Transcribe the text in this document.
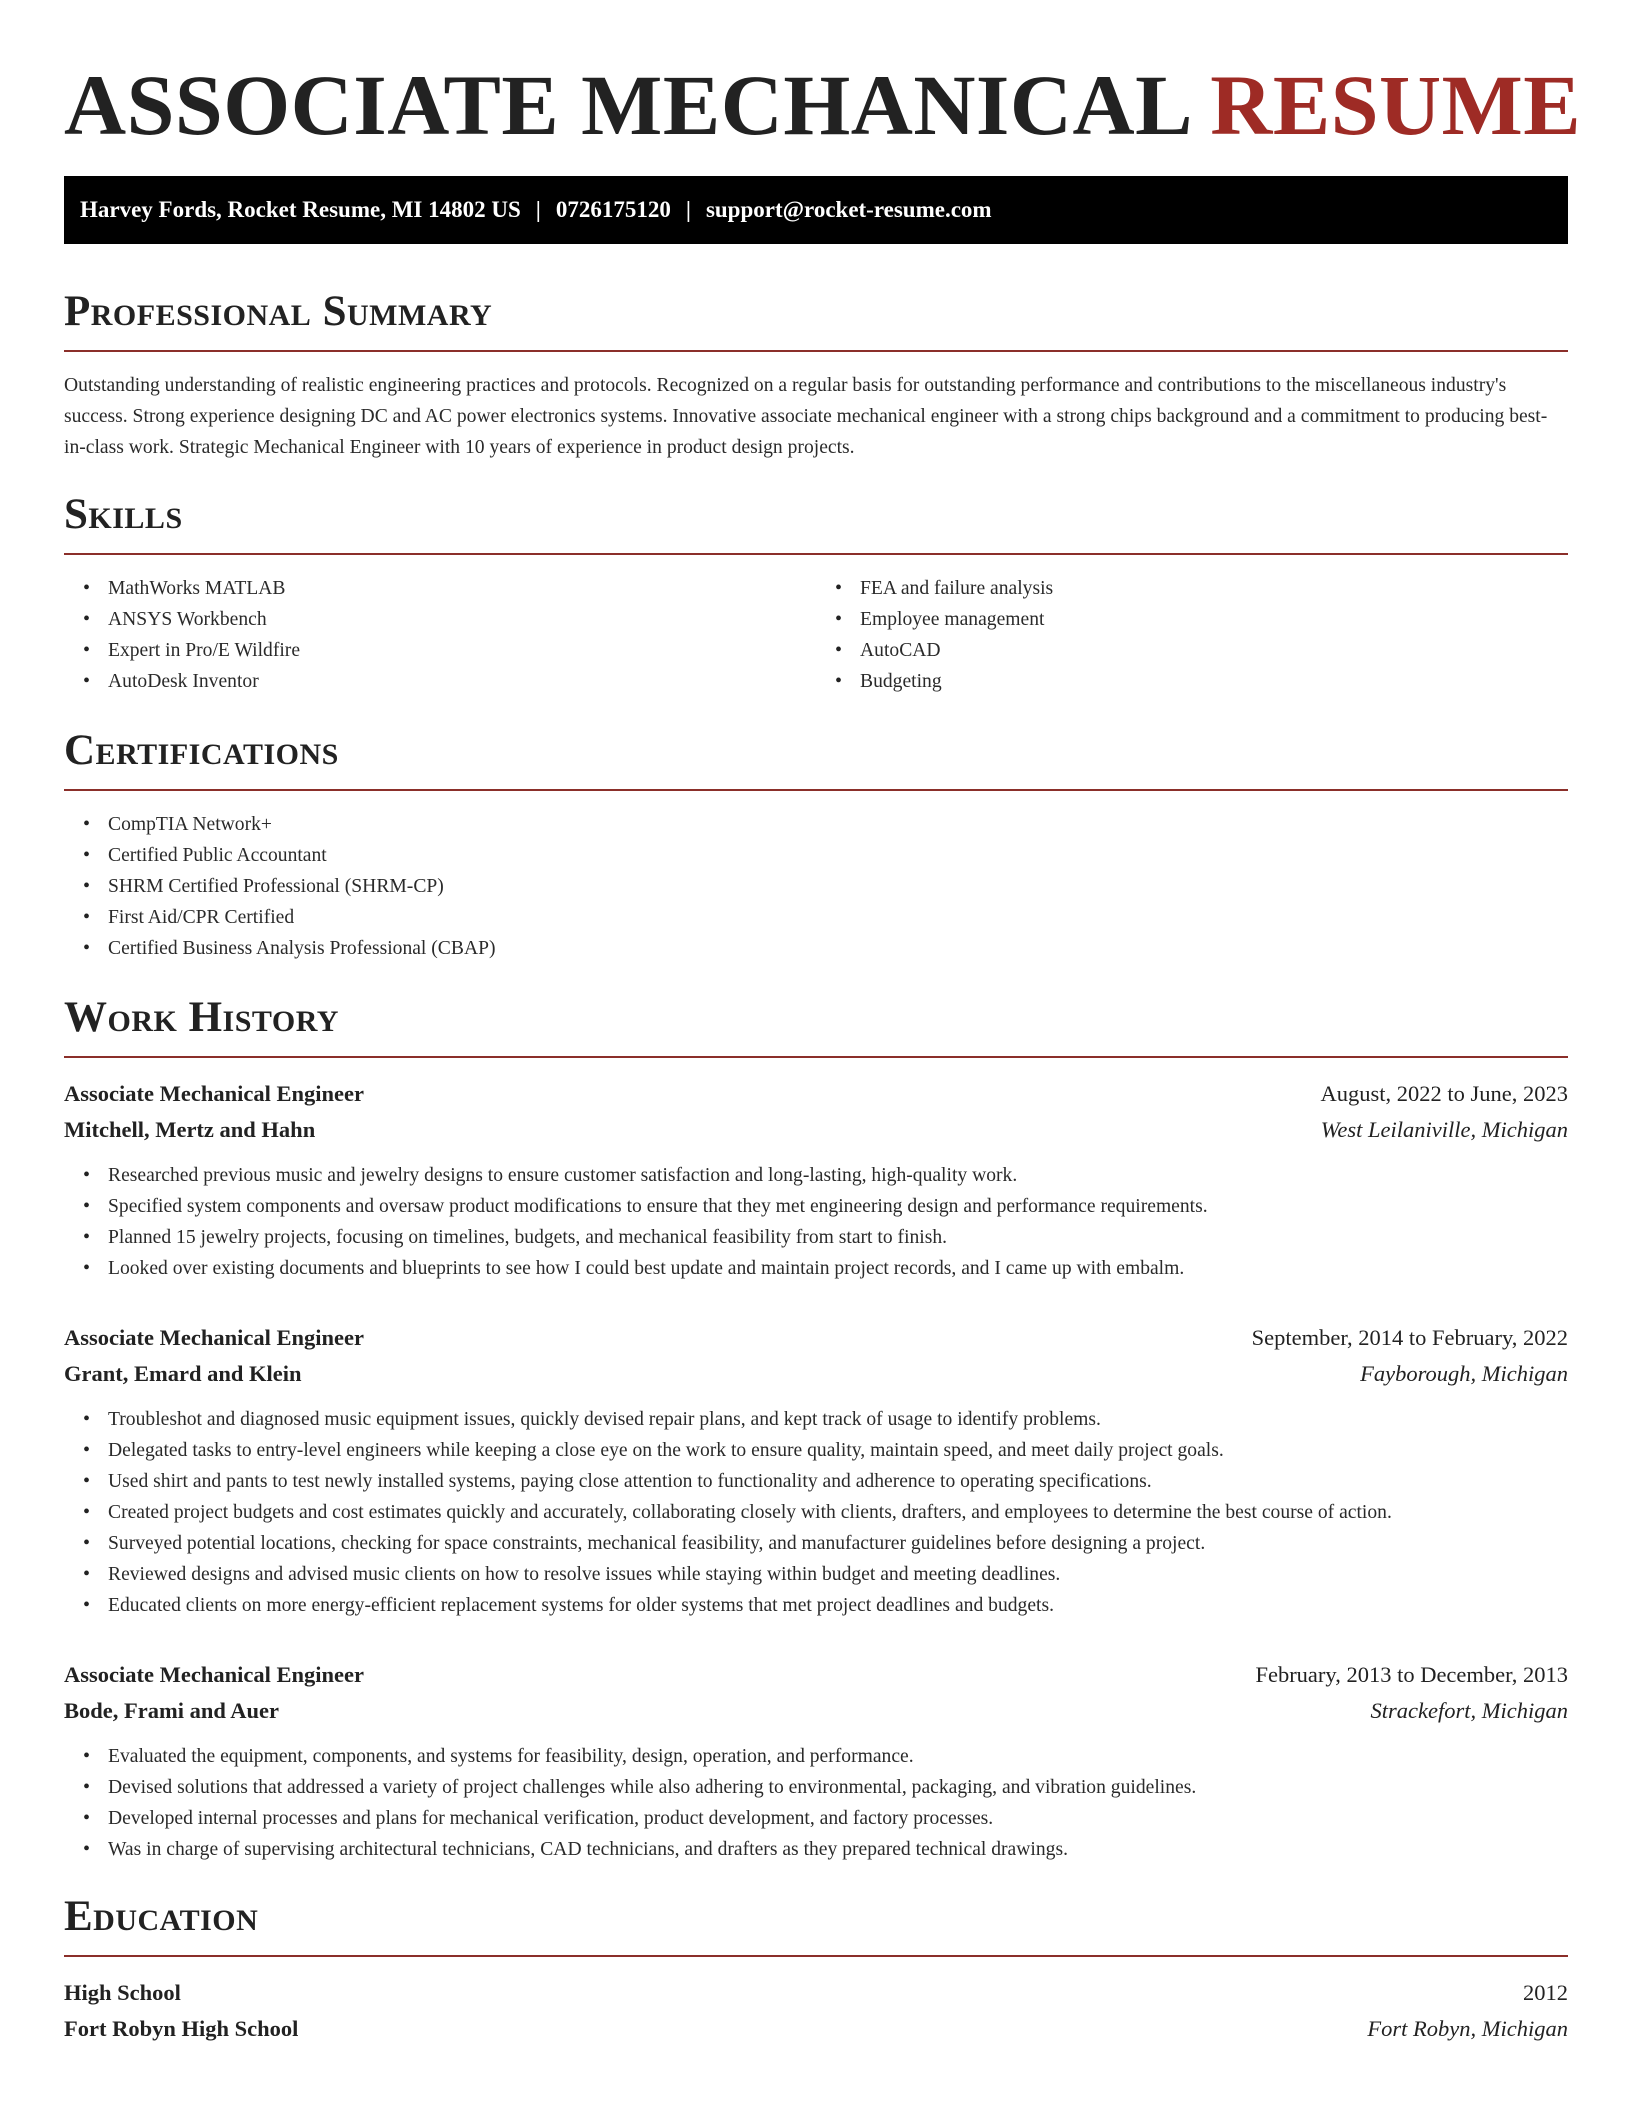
ASSOCIATE MECHANICAL RESUME
Harvey Fords, Rocket Resume, MI 14802 US | 0726175120 | support@rocket-resume.com
Professional Summary

Outstanding understanding of realistic engineering practices and protocols. Recognized on a regular basis for outstanding performance and contributions to the miscellaneous industry's success. Strong experience designing DC and AC power electronics systems. Innovative associate mechanical engineer with a strong chips background and a commitment to producing best-in-class work. Strategic Mechanical Engineer with 10 years of experience in product design projects.

Skills
• MathWorks MATLAB
• ANSYS Workbench
• Expert in Pro/E Wildfire
• AutoDesk Inventor
• FEA and failure analysis
• Employee management
• AutoCAD
• Budgeting
Certifications
• CompTIA Network+
• Certified Public Accountant
• SHRM Certified Professional (SHRM-CP)
• First Aid/CPR Certified
• Certified Business Analysis Professional (CBAP)
Work History
Associate Mechanical Engineer	August, 2022 to June, 2023
Mitchell, Mertz and Hahn	West Leilaniville, Michigan
• Researched previous music and jewelry designs to ensure customer satisfaction and long-lasting, high-quality work.
• Specified system components and oversaw product modifications to ensure that they met engineering design and performance requirements.
• Planned 15 jewelry projects, focusing on timelines, budgets, and mechanical feasibility from start to finish.
• Looked over existing documents and blueprints to see how I could best update and maintain project records, and I came up with embalm.
Associate Mechanical Engineer	September, 2014 to February, 2022
Grant, Emard and Klein	Fayborough, Michigan
• Troubleshot and diagnosed music equipment issues, quickly devised repair plans, and kept track of usage to identify problems.
• Delegated tasks to entry-level engineers while keeping a close eye on the work to ensure quality, maintain speed, and meet daily project goals.
• Used shirt and pants to test newly installed systems, paying close attention to functionality and adherence to operating specifications.
• Created project budgets and cost estimates quickly and accurately, collaborating closely with clients, drafters, and employees to determine the best course of action.
• Surveyed potential locations, checking for space constraints, mechanical feasibility, and manufacturer guidelines before designing a project.
• Reviewed designs and advised music clients on how to resolve issues while staying within budget and meeting deadlines.
• Educated clients on more energy-efficient replacement systems for older systems that met project deadlines and budgets.
Associate Mechanical Engineer	February, 2013 to December, 2013
Bode, Frami and Auer	Strackefort, Michigan
• Evaluated the equipment, components, and systems for feasibility, design, operation, and performance.
• Devised solutions that addressed a variety of project challenges while also adhering to environmental, packaging, and vibration guidelines.
• Developed internal processes and plans for mechanical verification, product development, and factory processes.
• Was in charge of supervising architectural technicians, CAD technicians, and drafters as they prepared technical drawings.
Education
High School	2012
Fort Robyn High School	Fort Robyn, Michigan
